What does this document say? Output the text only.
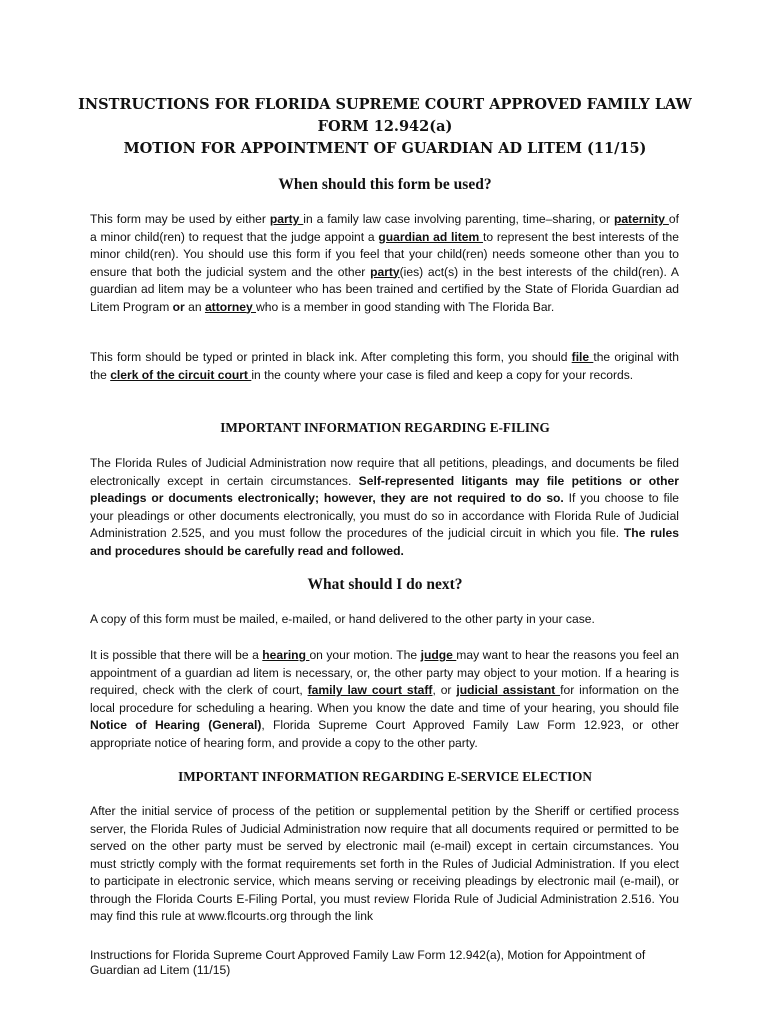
INSTRUCTIONS FOR FLORIDA SUPREME COURT APPROVED FAMILY LAW
FORM 12.942(a)
MOTION FOR APPOINTMENT OF GUARDIAN AD LITEM (11/15)
When should this form be used?
This form may be used by either party in a family law case involving parenting, time–sharing, or paternity of a minor child(ren) to request that the judge appoint a guardian ad litem to represent the best interests of the minor child(ren). You should use this form if you feel that your child(ren) needs someone other than you to ensure that both the judicial system and the other party(ies) act(s) in the best interests of the child(ren). A guardian ad litem may be a volunteer who has been trained and certified by the State of Florida Guardian ad Litem Program or an attorney who is a member in good standing with The Florida Bar.
This form should be typed or printed in black ink. After completing this form, you should file the original with the clerk of the circuit court in the county where your case is filed and keep a copy for your records.
IMPORTANT INFORMATION REGARDING E-FILING
The Florida Rules of Judicial Administration now require that all petitions, pleadings, and documents be filed electronically except in certain circumstances. Self-represented litigants may file petitions or other pleadings or documents electronically; however, they are not required to do so. If you choose to file your pleadings or other documents electronically, you must do so in accordance with Florida Rule of Judicial Administration 2.525, and you must follow the procedures of the judicial circuit in which you file. The rules and procedures should be carefully read and followed.
What should I do next?
A copy of this form must be mailed, e-mailed, or hand delivered to the other party in your case.
It is possible that there will be a hearing on your motion. The judge may want to hear the reasons you feel an appointment of a guardian ad litem is necessary, or, the other party may object to your motion. If a hearing is required, check with the clerk of court, family law court staff, or judicial assistant for information on the local procedure for scheduling a hearing. When you know the date and time of your hearing, you should file Notice of Hearing (General), Florida Supreme Court Approved Family Law Form 12.923, or other appropriate notice of hearing form, and provide a copy to the other party.
IMPORTANT INFORMATION REGARDING E-SERVICE ELECTION
After the initial service of process of the petition or supplemental petition by the Sheriff or certified process server, the Florida Rules of Judicial Administration now require that all documents required or permitted to be served on the other party must be served by electronic mail (e-mail) except in certain circumstances. You must strictly comply with the format requirements set forth in the Rules of Judicial Administration. If you elect to participate in electronic service, which means serving or receiving pleadings by electronic mail (e-mail), or through the Florida Courts E-Filing Portal, you must review Florida Rule of Judicial Administration 2.516. You may find this rule at www.flcourts.org through the link
Instructions for Florida Supreme Court Approved Family Law Form 12.942(a), Motion for Appointment of Guardian ad Litem (11/15)
